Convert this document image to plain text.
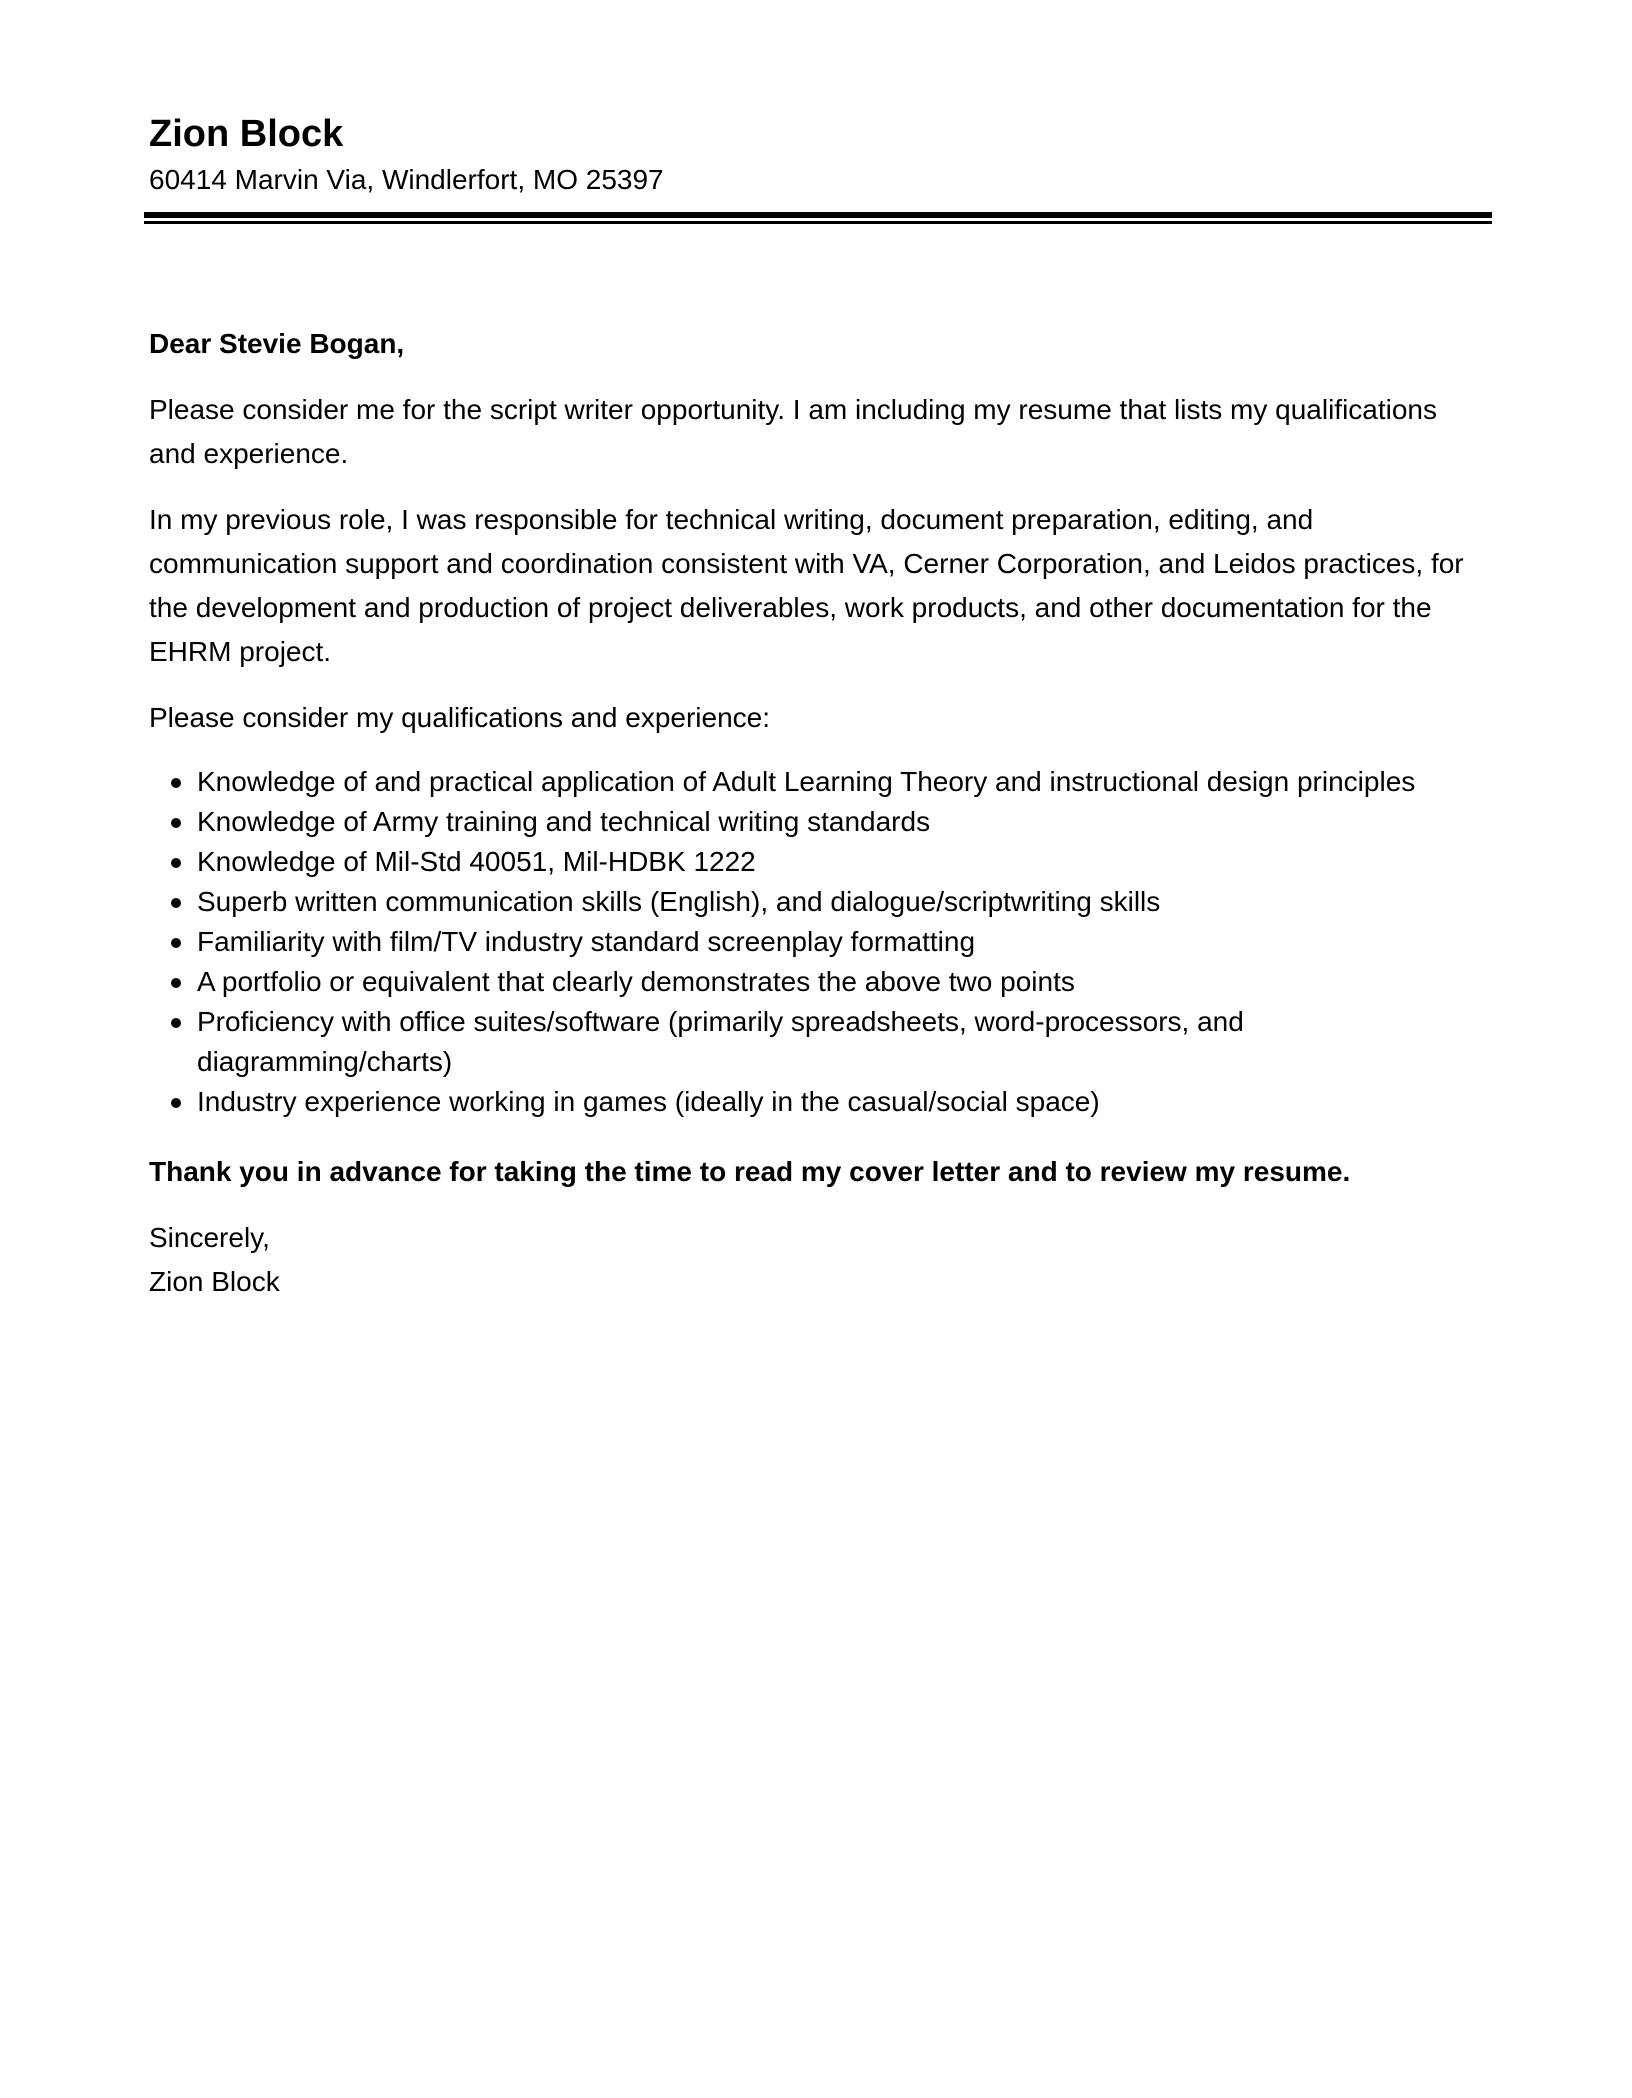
Zion Block

60414 Marvin Via, Windlerfort, MO 25397

Dear Stevie Bogan,

Please consider me for the script writer opportunity. I am including my resume that lists my qualifications and experience.

In my previous role, I was responsible for technical writing, document preparation, editing, and communication support and coordination consistent with VA, Cerner Corporation, and Leidos practices, for the development and production of project deliverables, work products, and other documentation for the EHRM project.

Please consider my qualifications and experience:

Knowledge of and practical application of Adult Learning Theory and instructional design principles
Knowledge of Army training and technical writing standards
Knowledge of Mil-Std 40051, Mil-HDBK 1222
Superb written communication skills (English), and dialogue/scriptwriting skills
Familiarity with film/TV industry standard screenplay formatting
A portfolio or equivalent that clearly demonstrates the above two points
Proficiency with office suites/software (primarily spreadsheets, word-processors, and diagramming/charts)
Industry experience working in games (ideally in the casual/social space)

Thank you in advance for taking the time to read my cover letter and to review my resume.

Sincerely,

Zion Block
